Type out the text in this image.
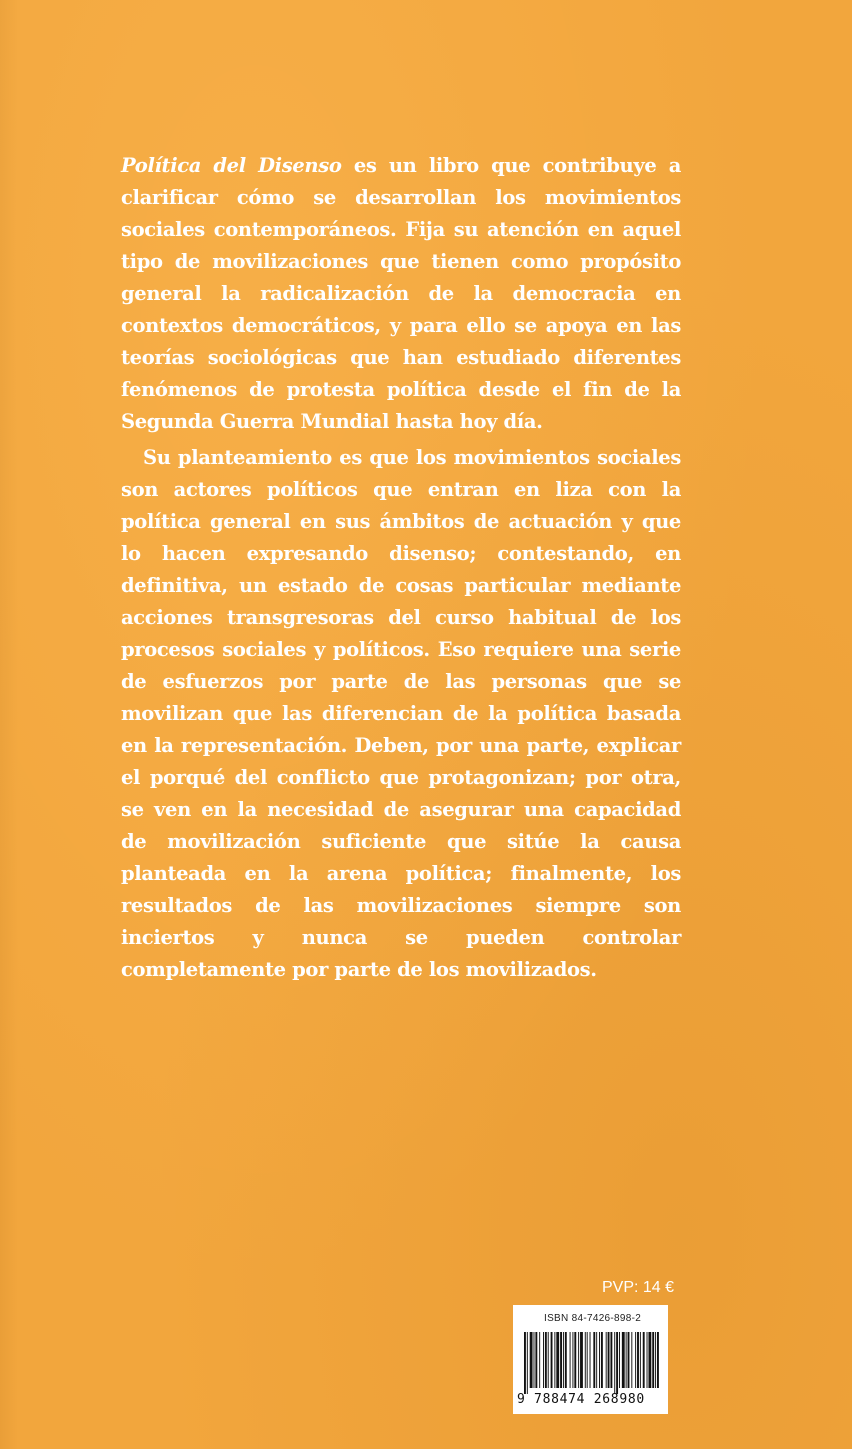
Política del Disenso es un libro que contribuye a clarificar cómo se desarrollan los movimientos sociales contemporáneos. Fija su atención en aquel tipo de movilizaciones que tienen como propósito general la radicalización de la democracia en contextos democráticos, y para ello se apoya en las teorías sociológicas que han estudiado diferentes fenómenos de protesta política desde el fin de la Segunda Guerra Mundial hasta hoy día.

Su planteamiento es que los movimientos sociales son actores políticos que entran en liza con la política general en sus ámbitos de actuación y que lo hacen expresando disenso; contestando, en definitiva, un estado de cosas particular mediante acciones transgresoras del curso habitual de los procesos sociales y políticos. Eso requiere una serie de esfuerzos por parte de las personas que se movilizan que las diferencian de la política basada en la representación. Deben, por una parte, explicar el porqué del conflicto que protagonizan; por otra, se ven en la necesidad de asegurar una capacidad de movilización suficiente que sitúe la causa planteada en la arena política; finalmente, los resultados de las movilizaciones siempre son inciertos y nunca se pueden controlar completamente por parte de los movilizados.

PVP: 14 €
ISBN 84-7426-898-2
9 788474 268980
